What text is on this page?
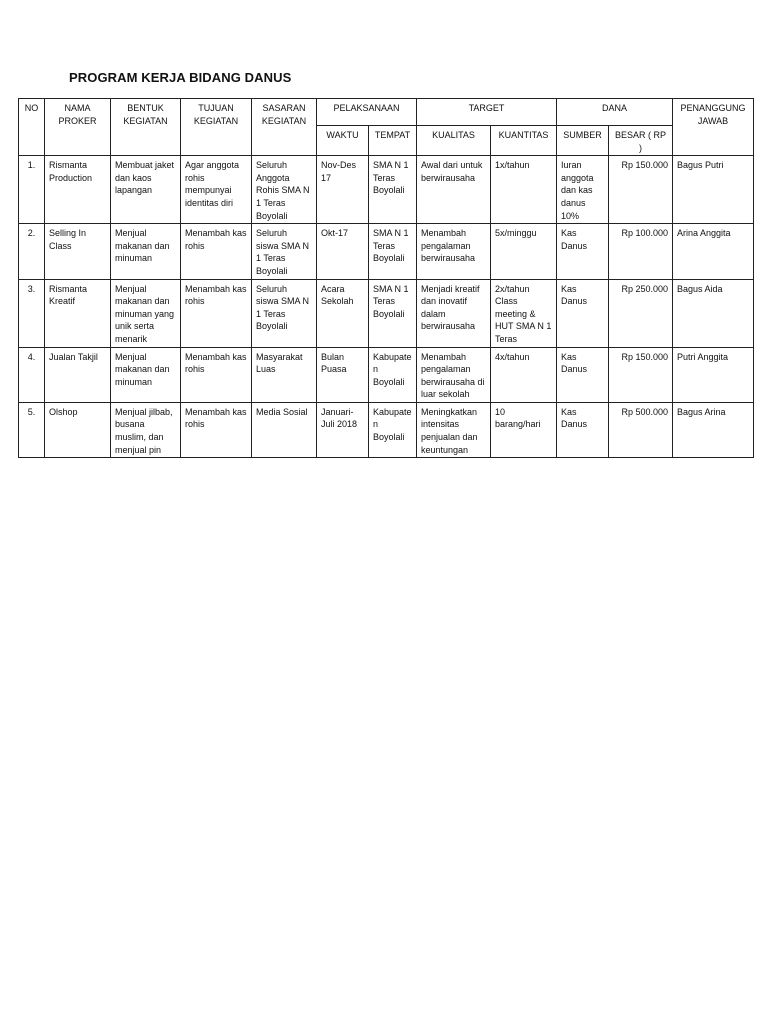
PROGRAM KERJA BIDANG DANUS
NO	NAMA PROKER	BENTUK KEGIATAN	TUJUAN KEGIATAN	SASARAN KEGIATAN	PELAKSANAAN		TARGET		DANA		PENANGGUNG JAWAB
					WAKTU	TEMPAT	KUALITAS	KUANTITAS	SUMBER	BESAR ( RP )	
1.	Rismanta Production	Membuat jaket dan kaos lapangan	Agar anggota rohis mempunyai identitas diri	Seluruh Anggota Rohis SMA N 1 Teras Boyolali	Nov-Des 17	SMA N 1 Teras Boyolali	Awal dari untuk berwirausaha	1x/tahun	Iuran anggota dan kas danus 10%	Rp 150.000	Bagus Putri
2.	Selling In Class	Menjual makanan dan minuman	Menambah kas rohis	Seluruh siswa SMA N 1 Teras Boyolali	Okt-17	SMA N 1 Teras Boyolali	Menambah pengalaman berwirausaha	5x/minggu	Kas Danus	Rp 100.000	Arina Anggita
3.	Rismanta Kreatif	Menjual makanan dan minuman yang unik serta menarik	Menambah kas rohis	Seluruh siswa SMA N 1 Teras Boyolali	Acara Sekolah	SMA N 1 Teras Boyolali	Menjadi kreatif dan inovatif dalam berwirausaha	2x/tahun Class meeting & HUT SMA N 1 Teras	Kas Danus	Rp 250.000	Bagus Aida
4.	Jualan Takjil	Menjual makanan dan minuman	Menambah kas rohis	Masyarakat Luas	Bulan Puasa	Kabupaten Boyolali	Menambah pengalaman berwirausaha di luar sekolah	4x/tahun	Kas Danus	Rp 150.000	Putri Anggita
5.	Olshop	Menjual jilbab, busana muslim, dan menjual pin	Menambah kas rohis	Media Sosial	Januari-Juli 2018	Kabupaten Boyolali	Meningkatkan intensitas penjualan dan keuntungan	10 barang/hari	Kas Danus	Rp 500.000	Bagus Arina
